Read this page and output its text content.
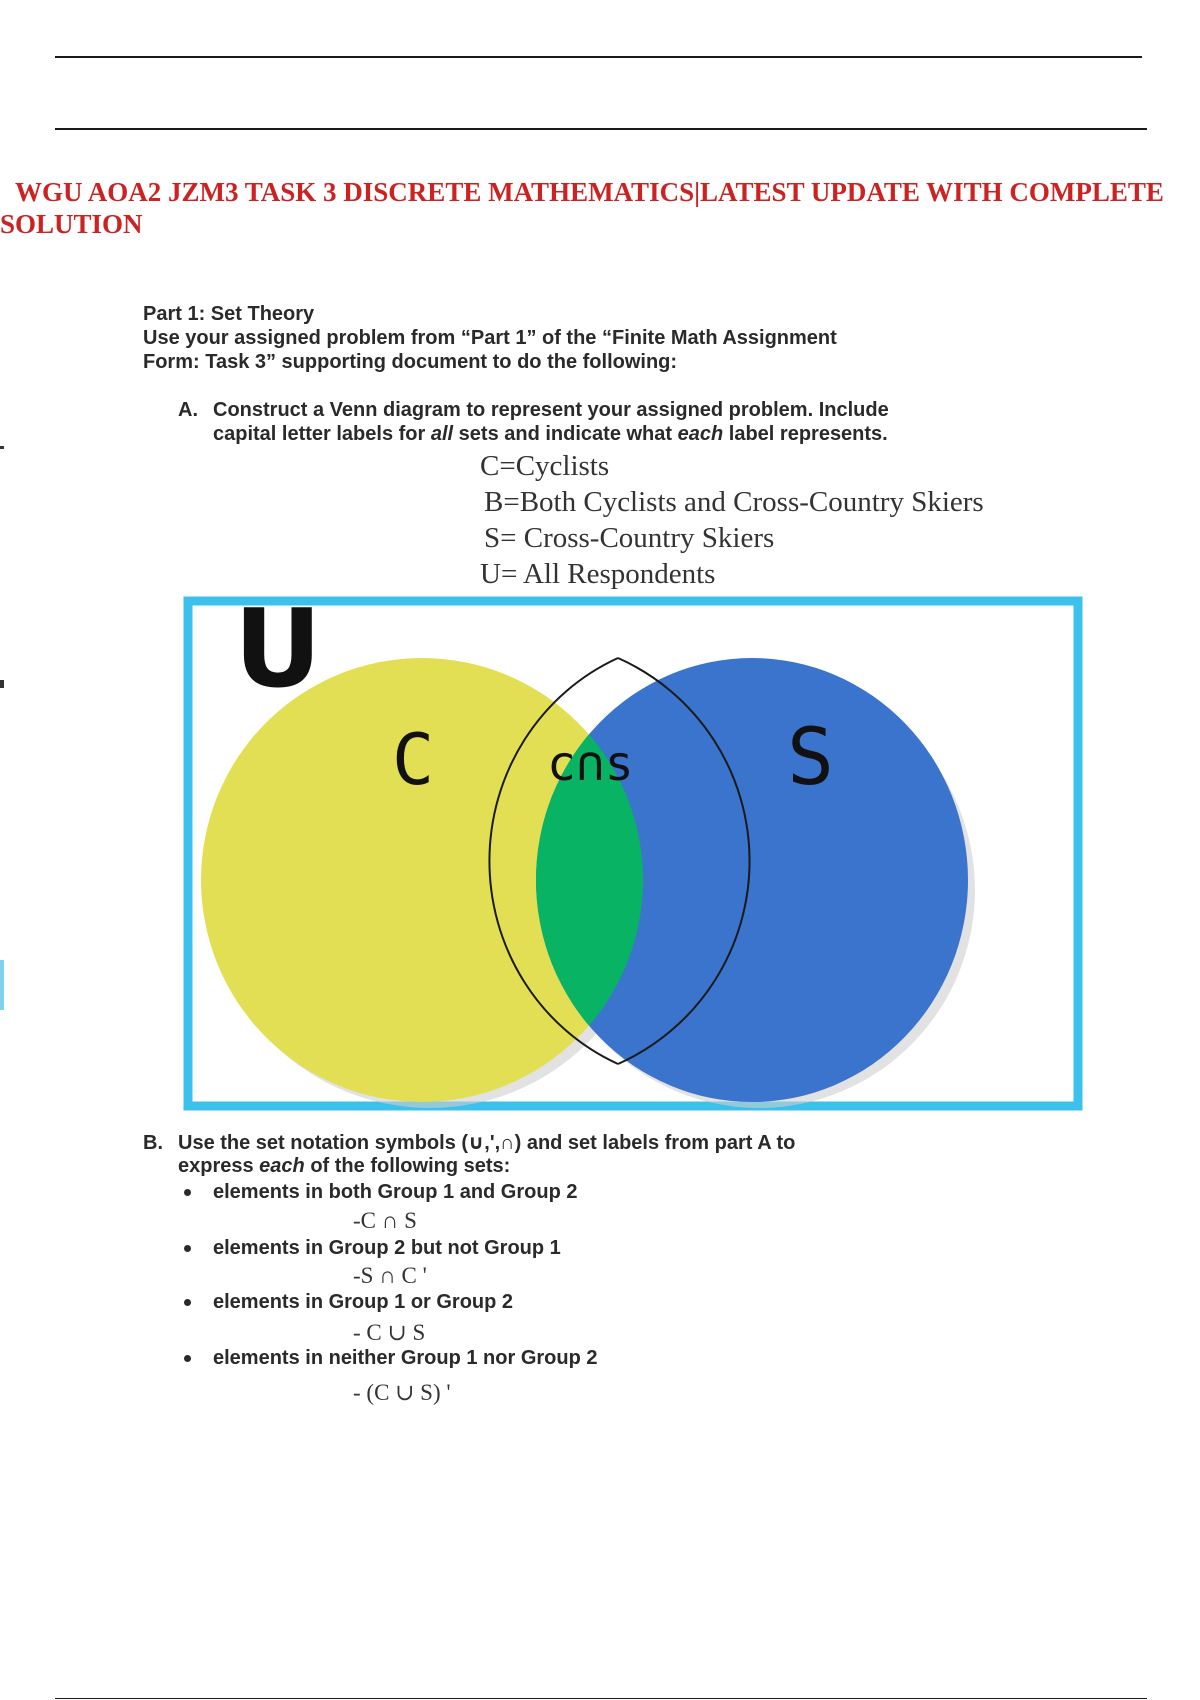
WGU AOA2 JZM3 TASK 3 DISCRETE MATHEMATICS|LATEST UPDATE WITH COMPLETE
SOLUTION
Part 1: Set Theory
Use your assigned problem from “Part 1” of the “Finite Math Assignment
Form: Task 3” supporting document to do the following:
A. Construct a Venn diagram to represent your assigned problem. Include
capital letter labels for all sets and indicate what each label represents.
C=Cyclists
B=Both Cyclists and Cross-Country Skiers
S= Cross-Country Skiers
U= All Respondents
U
C c∩s S
B. Use the set notation symbols (∪,',∩) and set labels from part A to
express each of the following sets:
elements in both Group 1 and Group 2
elements in Group 2 but not Group 1
elements in Group 1 or Group 2
elements in neither Group 1 nor Group 2
-C ∩ S
-S ∩ C '
- C ∪ S
- (C ∪ S) '
